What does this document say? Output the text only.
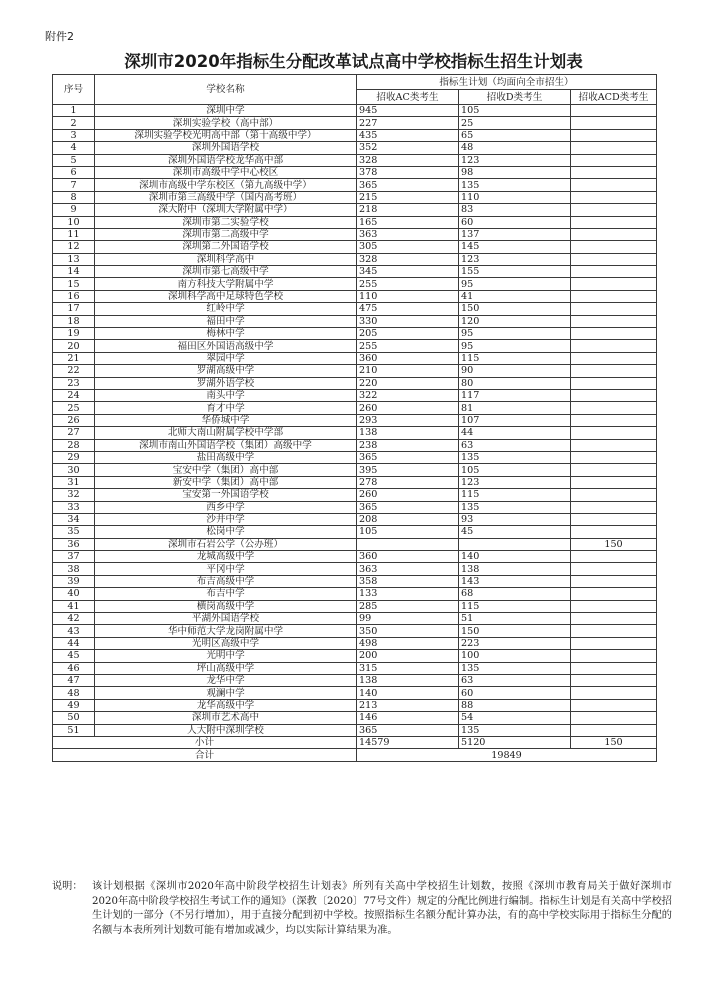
附件2
深圳市2020年指标生分配改革试点高中学校指标生招生计划表
序号	学校名称	指标生计划（均面向全市招生）		
		招收AC类考生	招收D类考生	招收ACD类考生
1	深圳中学	945	105	
2	深圳实验学校（高中部）	227	25	
3	深圳实验学校光明高中部（第十高级中学）	435	65	
4	深圳外国语学校	352	48	
5	深圳外国语学校龙华高中部	328	123	
6	深圳市高级中学中心校区	378	98	
7	深圳市高级中学东校区（第九高级中学）	365	135	
8	深圳市第三高级中学（国内高考班）	215	110	
9	深大附中（深圳大学附属中学）	218	83	
10	深圳市第二实验学校	165	60	
11	深圳市第二高级中学	363	137	
12	深圳第二外国语学校	305	145	
13	深圳科学高中	328	123	
14	深圳市第七高级中学	345	155	
15	南方科技大学附属中学	255	95	
16	深圳科学高中足球特色学校	110	41	
17	红岭中学	475	150	
18	福田中学	330	120	
19	梅林中学	205	95	
20	福田区外国语高级中学	255	95	
21	翠园中学	360	115	
22	罗湖高级中学	210	90	
23	罗湖外语学校	220	80	
24	南头中学	322	117	
25	育才中学	260	81	
26	华侨城中学	293	107	
27	北师大南山附属学校中学部	138	44	
28	深圳市南山外国语学校（集团）高级中学	238	63	
29	盐田高级中学	365	135	
30	宝安中学（集团）高中部	395	105	
31	新安中学（集团）高中部	278	123	
32	宝安第一外国语学校	260	115	
33	西乡中学	365	135	
34	沙井中学	208	93	
35	松岗中学	105	45	
36	深圳市石岩公学（公办班）			150
37	龙城高级中学	360	140	
38	平冈中学	363	138	
39	布吉高级中学	358	143	
40	布吉中学	133	68	
41	横岗高级中学	285	115	
42	平湖外国语学校	99	51	
43	华中师范大学龙岗附属中学	350	150	
44	光明区高级中学	498	223	
45	光明中学	200	100	
46	坪山高级中学	315	135	
47	龙华中学	138	63	
48	观澜中学	140	60	
49	龙华高级中学	213	88	
50	深圳市艺术高中	146	54	
51	人大附中深圳学校	365	135	
小计		14579	5120	150
合计		19849		
说明： 该计划根据《深圳市2020年高中阶段学校招生计划表》所列有关高中学校招生计划数，按照《深圳市教育局关于做好深圳市2020年高中阶段学校招生考试工作的通知》（深教〔2020〕77号文件）规定的分配比例进行编制。指标生计划是有关高中学校招生计划的一部分（不另行增加），用于直接分配到初中学校。按照指标生名额分配计算办法，有的高中学校实际用于指标生分配的名额与本表所列计划数可能有增加或减少，均以实际计算结果为准。
